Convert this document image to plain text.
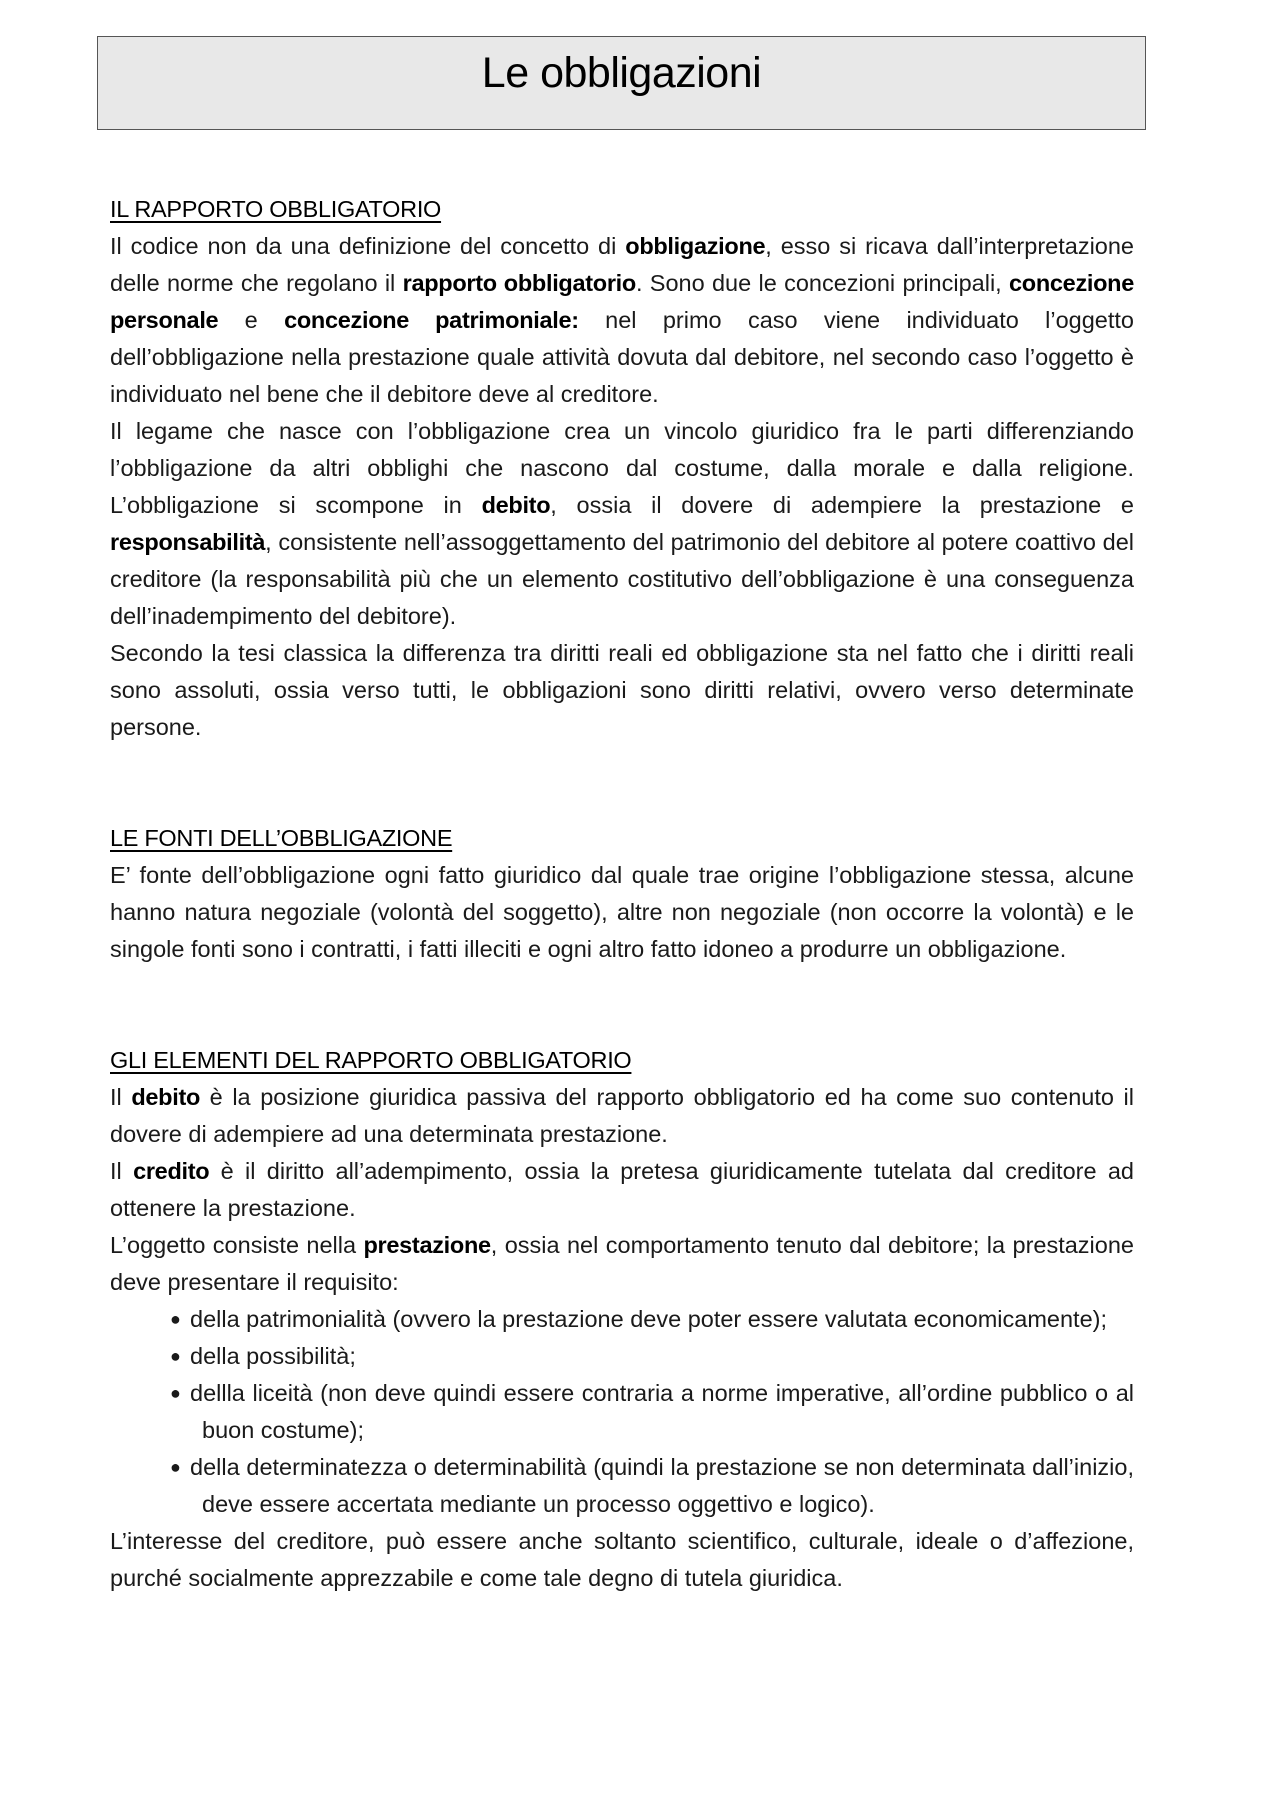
Le obbligazioni
IL RAPPORTO OBBLIGATORIO

Il codice non da una definizione del concetto di obbligazione, esso si ricava dall’interpretazione delle norme che regolano il rapporto obbligatorio. Sono due le concezioni principali, concezione personale e concezione patrimoniale: nel primo caso viene individuato l’oggetto dell’obbligazione nella prestazione quale attività dovuta dal debitore, nel secondo caso l’oggetto è individuato nel bene che il debitore deve al creditore.

Il legame che nasce con l’obbligazione crea un vincolo giuridico fra le parti differenziando l’obbligazione da altri obblighi che nascono dal costume, dalla morale e dalla religione. L’obbligazione si scompone in debito, ossia il dovere di adempiere la prestazione e responsabilità, consistente nell’assoggettamento del patrimonio del debitore al potere coattivo del creditore (la responsabilità più che un elemento costitutivo dell’obbligazione è una conseguenza dell’inadempimento del debitore).

Secondo la tesi classica la differenza tra diritti reali ed obbligazione sta nel fatto che i diritti reali sono assoluti, ossia verso tutti, le obbligazioni sono diritti relativi, ovvero verso determinate persone.

LE FONTI DELL’OBBLIGAZIONE

E’ fonte dell’obbligazione ogni fatto giuridico dal quale trae origine l’obbligazione stessa, alcune hanno natura negoziale (volontà del soggetto), altre non negoziale (non occorre la volontà) e le singole fonti sono i contratti, i fatti illeciti e ogni altro fatto idoneo a produrre un obbligazione.

GLI ELEMENTI DEL RAPPORTO OBBLIGATORIO

Il debito è la posizione giuridica passiva del rapporto obbligatorio ed ha come suo contenuto il dovere di adempiere ad una determinata prestazione.

Il credito è il diritto all’adempimento, ossia la pretesa giuridicamente tutelata dal creditore ad ottenere la prestazione.

L’oggetto consiste nella prestazione, ossia nel comportamento tenuto dal debitore; la prestazione deve presentare il requisito:

● della patrimonialità (ovvero la prestazione deve poter essere valutata economicamente);
● della possibilità;
● dellla liceità (non deve quindi essere contraria a norme imperative, all’ordine pubblico o al buon costume);
● della determinatezza o determinabilità (quindi la prestazione se non determinata dall’inizio, deve essere accertata mediante un processo oggettivo e logico).

L’interesse del creditore, può essere anche soltanto scientifico, culturale, ideale o d’affezione, purché socialmente apprezzabile e come tale degno di tutela giuridica.
